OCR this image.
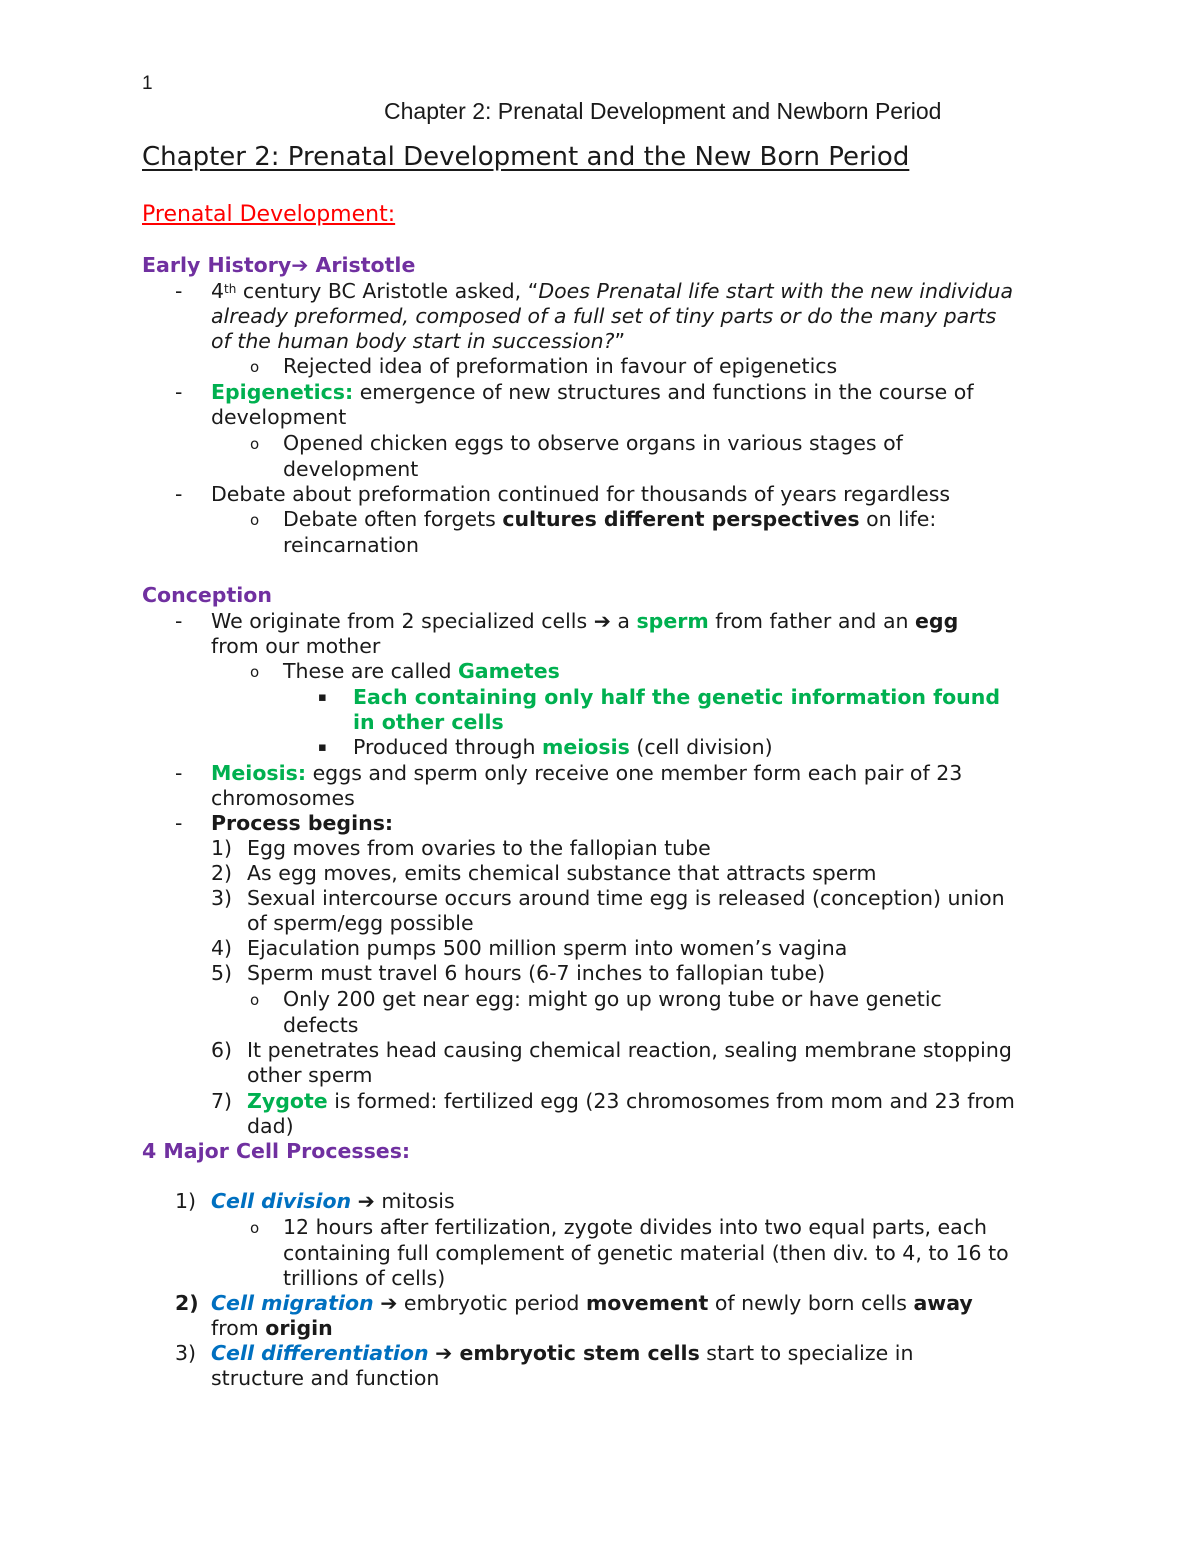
1
Chapter 2: Prenatal Development and Newborn Period
Chapter 2: Prenatal Development and the New Born Period
Prenatal Development:
Early History➔ Aristotle
- 4th century BC Aristotle asked, “Does Prenatal life start with the new individua
already preformed, composed of a full set of tiny parts or do the many parts
of the human body start in succession?”
o Rejected idea of preformation in favour of epigenetics
- Epigenetics: emergence of new structures and functions in the course of
development
o Opened chicken eggs to observe organs in various stages of
development
- Debate about preformation continued for thousands of years regardless
o Debate often forgets cultures different perspectives on life:
reincarnation
Conception
- We originate from 2 specialized cells ➔ a sperm from father and an egg
from our mother
o These are called Gametes
▪ Each containing only half the genetic information found
in other cells
▪ Produced through meiosis (cell division)
- Meiosis: eggs and sperm only receive one member form each pair of 23
chromosomes
- Process begins:
1) Egg moves from ovaries to the fallopian tube
2) As egg moves, emits chemical substance that attracts sperm
3) Sexual intercourse occurs around time egg is released (conception) union
of sperm/egg possible
4) Ejaculation pumps 500 million sperm into women’s vagina
5) Sperm must travel 6 hours (6-7 inches to fallopian tube)
o Only 200 get near egg: might go up wrong tube or have genetic
defects
6) It penetrates head causing chemical reaction, sealing membrane stopping
other sperm
7) Zygote is formed: fertilized egg (23 chromosomes from mom and 23 from
dad)
4 Major Cell Processes:
1) Cell division ➔ mitosis
o 12 hours after fertilization, zygote divides into two equal parts, each
containing full complement of genetic material (then div. to 4, to 16 to
trillions of cells)
2) Cell migration ➔ embryotic period movement of newly born cells away
from origin
3) Cell differentiation ➔ embryotic stem cells start to specialize in
structure and function
